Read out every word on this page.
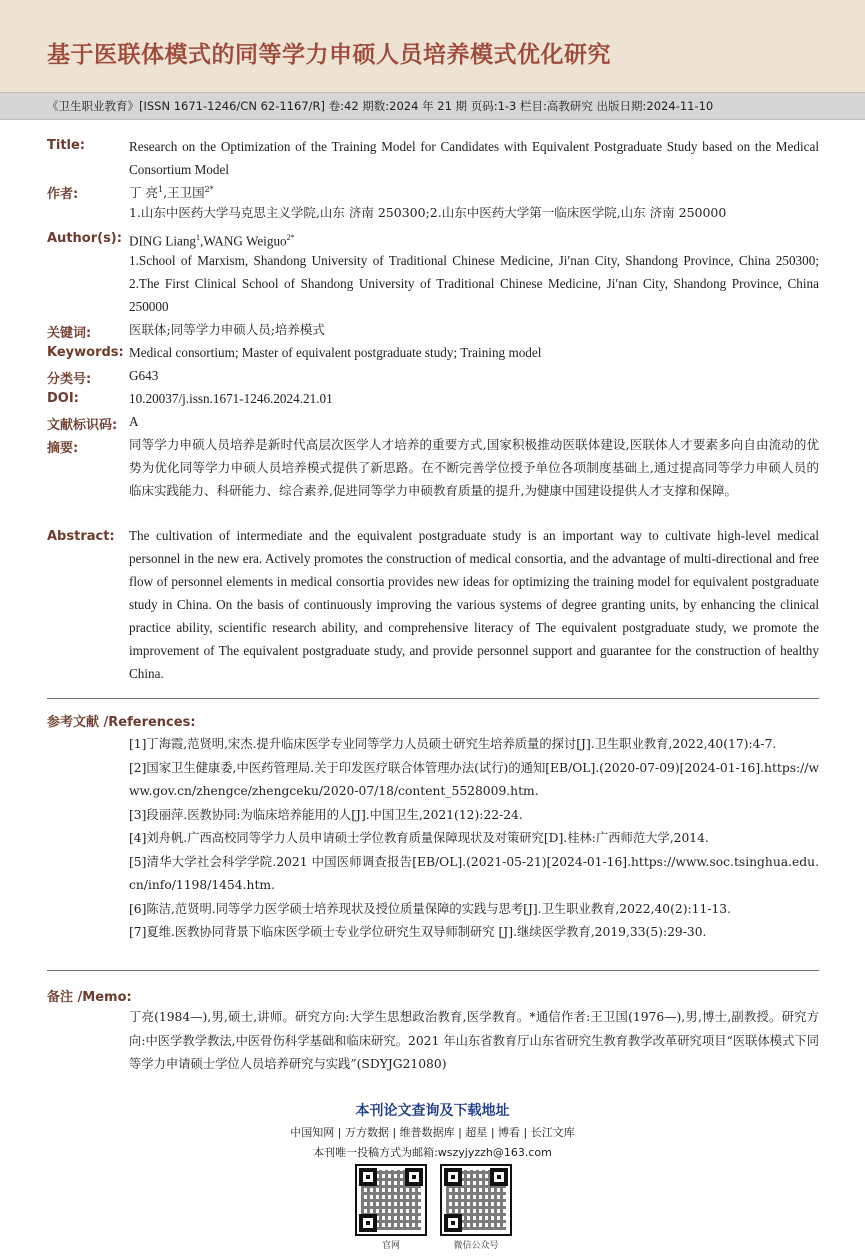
基于医联体模式的同等学力申硕人员培养模式优化研究
《卫生职业教育》[ISSN 1671-1246/CN 62-1167/R] 卷:42 期数:2024 年 21 期 页码:1-3 栏目:高教研究 出版日期:2024-11-10
Title:	Research on the Optimization of the Training Model for Candidates with Equivalent Postgraduate Study based on the Medical Consortium Model
作者:	丁 亮$^1$,王卫国$^{2*}$
1.山东中医药大学马克思主义学院,山东 济南 250300;2.山东中医药大学第一临床医学院,山东 济南 250000
Author(s): DING Liang$^1$,WANG Weiguo$^{2*}$
1.School of Marxism, Shandong University of Traditional Chinese Medicine, Ji′nan City, Shandong Province, China 250300; 2.The First Clinical School of Shandong University of Traditional Chinese Medicine, Ji′nan City, Shandong Province, China 250000
关键词:	医联体;同等学力申硕人员;培养模式
Keywords: Medical consortium; Master of equivalent postgraduate study; Training model
分类号:	G643
DOI:	10.20037/j.issn.1671-1246.2024.21.01
文献标识码: A
摘要:	同等学力申硕人员培养是新时代高层次医学人才培养的重要方式,国家积极推动医联体建设,医联体人才要素多向自由流动的优势为优化同等学力申硕人员培养模式提供了新思路。在不断完善学位授予单位各项制度基础上,通过提高同等学力申硕人员的临床实践能力、科研能力、综合素养,促进同等学力申硕教育质量的提升,为健康中国建设提供人才支撑和保障。
Abstract: The cultivation of intermediate and the equivalent postgraduate study is an important way to cultivate high-level medical personnel in the new era. Actively promotes the construction of medical consortia, and the advantage of multi-directional and free flow of personnel elements in medical consortia provides new ideas for optimizing the training model for equivalent postgraduate study in China. On the basis of continuously improving the various systems of degree granting units, by enhancing the clinical practice ability, scientific research ability, and comprehensive literacy of The equivalent postgraduate study, we promote the improvement of The equivalent postgraduate study, and provide personnel support and guarantee for the construction of healthy China.
参考文献 /References:
[1]丁海霞,范贤明,宋杰.提升临床医学专业同等学力人员硕士研究生培养质量的探讨[J].卫生职业教育,2022,40(17):4-7.
[2]国家卫生健康委,中医药管理局.关于印发医疗联合体管理办法(试行)的通知[EB/OL].(2020-07-09)[2024-01-16].https://www.gov.cn/zhengce/zhengceku/2020-07/18/content_5528009.htm.
[3]段丽萍.医教协同:为临床培养能用的人[J].中国卫生,2021(12):22-24.
[4]刘舟帆.广西高校同等学力人员申请硕士学位教育质量保障现状及对策研究[D].桂林:广西师范大学,2014.
[5]清华大学社会科学学院.2021 中国医师调查报告[EB/OL].(2021-05-21)[2024-01-16].https://www.soc.tsinghua.edu.cn/info/1198/1454.htm.
[6]陈洁,范贤明.同等学力医学硕士培养现状及授位质量保障的实践与思考[J].卫生职业教育,2022,40(2):11-13.
[7]夏维.医教协同背景下临床医学硕士专业学位研究生双导师制研究 [J].继续医学教育,2019,33(5):29-30.
备注 /Memo:
丁亮(1984—),男,硕士,讲师。研究方向:大学生思想政治教育,医学教育。*通信作者:王卫国(1976—),男,博士,副教授。研究方向:中医学教学教法,中医骨伤科学基础和临床研究。2021 年山东省教育厅山东省研究生教育教学改革研究项目“医联体模式下同等学力申请硕士学位人员培养研究与实践”(SDYJG21080)
本刊论文查询及下载地址
中国知网 | 万方数据 | 维普数据库 | 超星 | 博看 | 长江文库
本刊唯一投稿方式为邮箱:wszyjyzzh@163.com
官网	微信公众号
